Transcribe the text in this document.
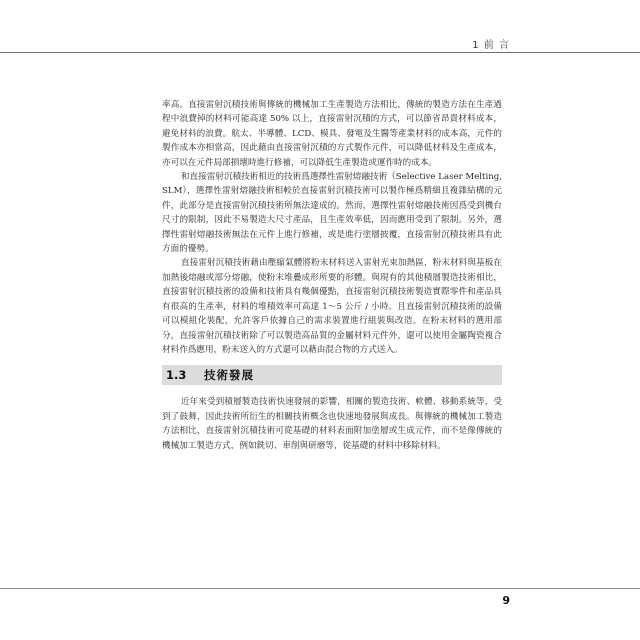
1 前 言

率高。直接雷射沉積技術與傳統的機械加工生產製造方法相比，傳統的製造方法在生產過程中浪費掉的材料可能高達 50% 以上，直接雷射沉積的方式，可以節省昂貴材料成本，避免材料的浪費。航太、半導體、LCD、模具、發電及生醫等產業材料的成本高，元件的製作成本亦相當高，因此藉由直接雷射沉積的方式製作元件，可以降低材料及生產成本，亦可以在元件局部損壞時進行修補，可以降低生產製造或運作時的成本。

和直接雷射沉積技術相近的技術爲選擇性雷射熔融技術（Selective Laser Melting, SLM），選擇性雷射熔融技術相較於直接雷射沉積技術可以製作極爲精細且複雜結構的元件，此部分是直接雷射沉積技術所無法達成的。然而，選擇性雷射熔融技術因爲受到機台尺寸的限制，因此不易製造大尺寸產品，且生產效率低，因而應用受到了限制。另外，選擇性雷射熔融技術無法在元件上進行修補，或是進行塗層披覆，直接雷射沉積技術具有此方面的優勢。

直接雷射沉積技術藉由壓縮氣體將粉末材料送入雷射光束加熱區，粉末材料與基板在加熱後熔融或部分熔融，使粉末堆疊成形所要的形體。與現有的其他積層製造技術相比，直接雷射沉積技術的設備和技術具有幾個優點，直接雷射沉積技術製造實際零件和產品具有很高的生產率，材料的堆積效率可高達 1～5 公斤 / 小時。且直接雷射沉積技術的設備可以模組化裝配，允許客戶依據自己的需求裝置進行組裝與改造。在粉末材料的選用部分，直接雷射沉積技術除了可以製造高品質的金屬材料元件外，還可以使用金屬陶瓷複合材料作爲應用，粉末送入的方式還可以藉由混合物的方式送入。

1.3	技術發展

近年來受到積層製造技術快速發展的影響，相關的製造技術、軟體、移動系統等，受到了鼓舞，因此技術所衍生的相關技術概念也快速地發展與成長。與傳統的機械加工製造方法相比，直接雷射沉積技術可從基礎的材料表面附加塗層或生成元件，而不是像傳統的機械加工製造方式，例如銑切、車削與研磨等，從基礎的材料中移除材料。

9
